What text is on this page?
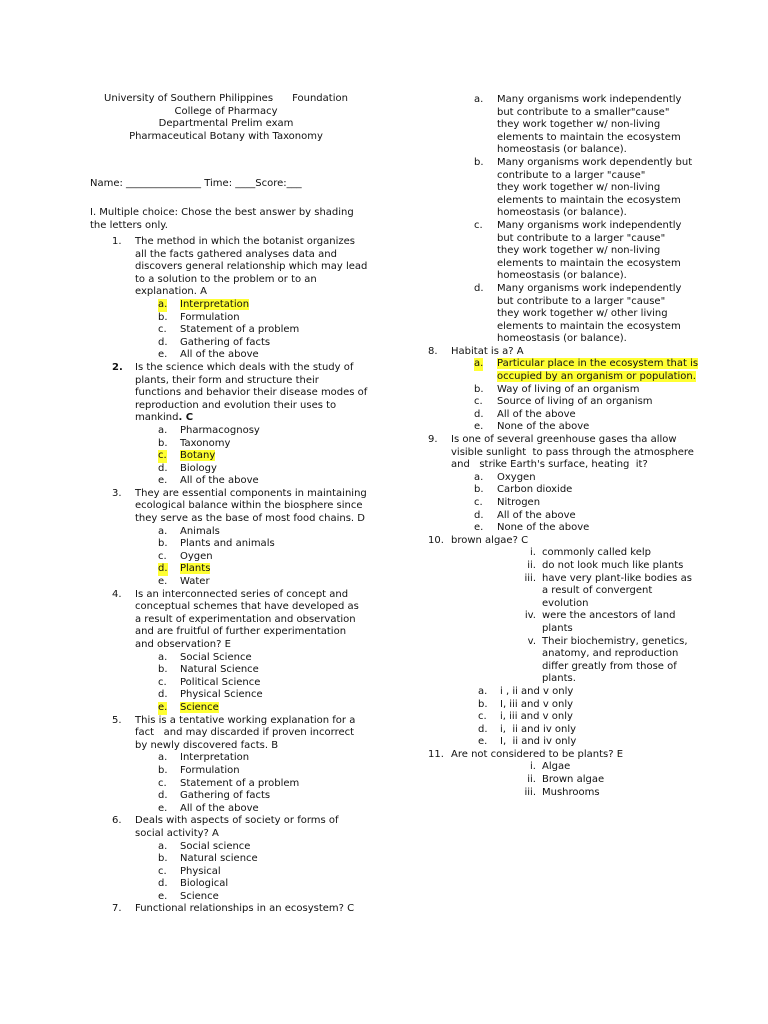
University of Southern Philippines      Foundation
College of Pharmacy
Departmental Prelim exam
Pharmaceutical Botany with Taxonomy
Name: _______________ Time: ____Score:___
I. Multiple choice: Chose the best answer by shading the letters only.
1.	The method in which the botanist organizes all the facts gathered analyses data and discovers general relationship which may lead to a solution to the problem or to an explanation. A
a. Interpretation
b. Formulation
c. Statement of a problem
d. Gathering of facts
e. All of the above
2.	Is the science which deals with the study of plants, their form and structure their functions and behavior their disease modes of reproduction and evolution their uses to mankind. C
a. Pharmacognosy
b. Taxonomy
c. Botany
d. Biology
e. All of the above
3.	They are essential components in maintaining ecological balance within the biosphere since they serve as the base of most food chains. D
a. Animals
b. Plants and animals
c. Oygen
d. Plants
e. Water
4.	Is an interconnected series of concept and conceptual schemes that have developed as a result of experimentation and observation and are fruitful of further experimentation and observation? E
a. Social Science
b. Natural Science
c. Political Science
d. Physical Science
e. Science
5.	This is a tentative working explanation for a fact   and may discarded if proven incorrect by newly discovered facts. B
a. Interpretation
b. Formulation
c. Statement of a problem
d. Gathering of facts
e. All of the above
6.	Deals with aspects of society or forms of social activity? A
a. Social science
b. Natural science
c. Physical
d. Biological
e. Science
7.	Functional relationships in an ecosystem? C
a. Many organisms work independently but contribute to a smaller"cause"
they work together w/ non-living elements to maintain the ecosystem homeostasis (or balance).
b. Many organisms work dependently but contribute to a larger "cause"
they work together w/ non-living elements to maintain the ecosystem homeostasis (or balance).
c. Many organisms work independently but contribute to a larger "cause"
they work together w/ non-living elements to maintain the ecosystem homeostasis (or balance).
d. Many organisms work independently but contribute to a larger "cause"
they work together w/ other living elements to maintain the ecosystem homeostasis (or balance).
8. Habitat is a? A
a. Particular place in the ecosystem that is occupied by an organism or population.
b. Way of living of an organism
c. Source of living of an organism
d. All of the above
e. None of the above
9. Is one of several greenhouse gases tha allow visible sunlight  to pass through the atmosphere and   strike Earth's surface, heating  it?
a. Oxygen
b. Carbon dioxide
c. Nitrogen
d. All of the above
e. None of the above
10. brown algae? C
i. commonly called kelp
ii. do not look much like plants
iii. have very plant-like bodies as a result of convergent evolution
iv. were the ancestors of land plants
v. Their biochemistry, genetics, anatomy, and reproduction differ greatly from those of plants.
a. i , ii and v only
b. I, iii and v only
c. i, iii and v only
d. i,  ii and iv only
e. I,  ii and iv only
11. Are not considered to be plants? E
i. Algae
ii. Brown algae
iii. Mushrooms
